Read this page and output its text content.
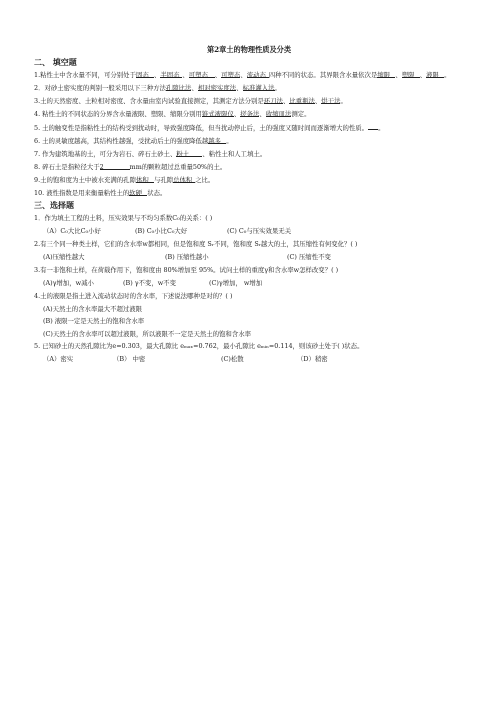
第2章土的物理性质及分类
二、 填空题

1.粘性土中含水量不同，可分别处于固态 、半固态 、可塑态 、可塑态、流动态 四种不同的状态。其界限含水量依次是缩限 、塑限 、液限 。

2．对砂土密实度的判别一般采用以下三种方法孔隙比法、相对密实度法、标准灌入法。

3.土的天然密度、土粒相对密度、含水量由室内试验直接测定，其测定方法分别是环刀法、比重瓶法、烘干法。

4. 粘性土的不同状态的分界含水量液限、塑限、缩限分别用锥式液限仪、搓条法、收缩皿法测定。

5. 土的触变性是指粘性土的结构受到扰动时，导致强度降低，但当扰动停止后，土的强度又随时间而逐渐增大的性质。 。

6. 土的灵敏度越高，其结构性越强，受扰动后土的强度降低越越多 。

7. 作为建筑地基的土，可分为岩石、碎石土砂土、粉土 、粘性土和人工填土。

8. 碎石土是指粒径大于2	mm的颗粒超过总重量50%的土。

9.土的饱和度为土中被水充满的孔隙体积 与孔隙总体积 之比。

10. 液性指数是用来衡量粘性土的软硬 状态。

三、选择题

1．作为填土工程的土料，压实效果与不均匀系数C₀的关系：( )

（A）C₀大比C₀小好	(B) C₀小比C₀大好	(C) C₀与压实效果无关

2.有三个同一种类土样，它们的含水率w都相同，但是饱和度 Sᵣ不同，饱和度 Sᵣ越大的土，其压缩性有何变化？( )

(A)压缩性越大	(B) 压缩性越小	(C) 压缩性不变

3.有一非饱和土样，在荷载作用下，饱和度由 80%增加至 95%。试问土样的重度γ和含水率w怎样改变？( )

(A)γ增加，w减小	(B) γ不变，w不变	(C)γ增加， w增加

4.土的液限是指土进入流动状态时的含水率，下述说法哪种是对的？( )

(A)天然土的含水率最大不超过液限

(B) 液限一定是天然土的饱和含水率

(C)天然土的含水率可以超过液限，所以液限不一定是天然土的饱和含水率

5. 已知砂土的天然孔隙比为e=0.303，最大孔隙比 eₘₐₓ=0.762，最小孔隙比 eₘᵢₙ=0.114，则该砂土处于( )状态。

（A）密实	（B） 中密	(C)松散	（D）稍密
